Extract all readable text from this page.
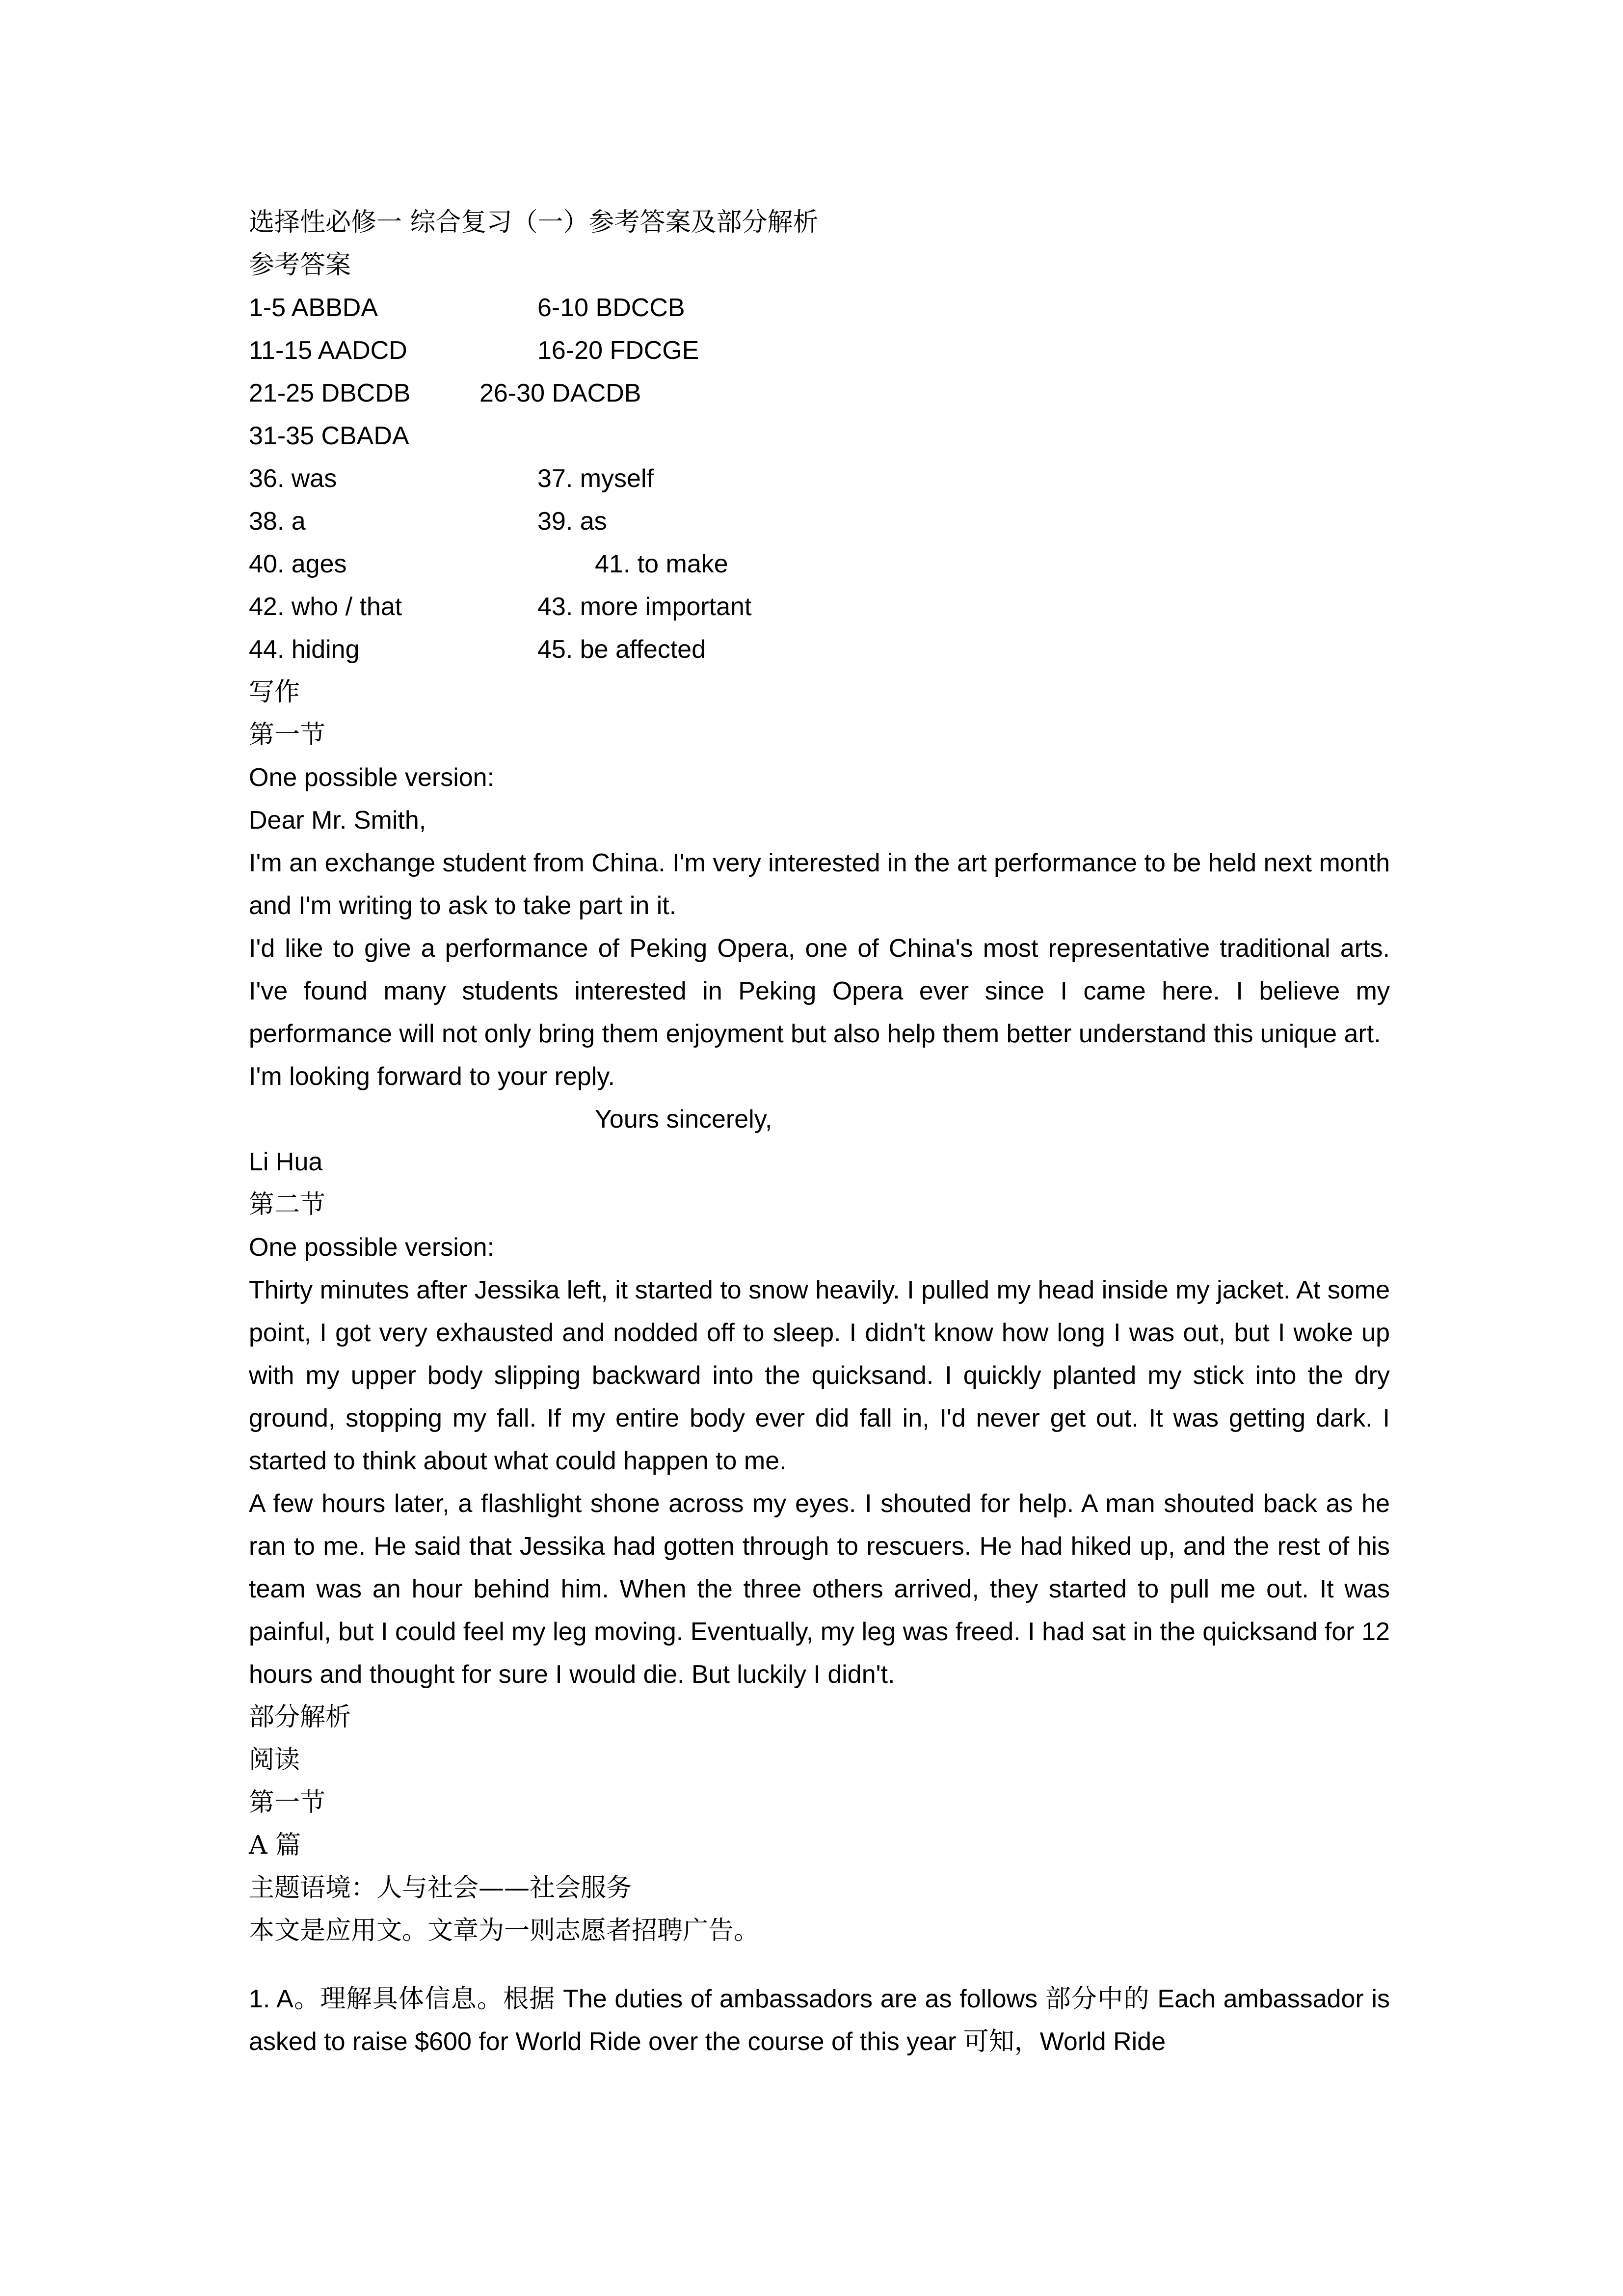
选择性必修一 综合复习（一）参考答案及部分解析
参考答案
1-5 ABBDA	6-10 BDCCB
11-15 AADCD	16-20 FDCGE
21-25 DBCDB	26-30 DACDB
31-35 CBADA
36. was	37. myself
38. a	39. as
40. ages	41. to make
42. who / that	43. more important
44. hiding	45. be affected
写作
第一节
One possible version:
Dear Mr. Smith,

I'm an exchange student from China. I'm very interested in the art performance to be held next month and I'm writing to ask to take part in it.

I'd like to give a performance of Peking Opera, one of China's most representative traditional arts. I've found many students interested in Peking Opera ever since I came here. I believe my performance will not only bring them enjoyment but also help them better understand this unique art.

I'm looking forward to your reply.
Yours sincerely,
Li Hua
第二节
One possible version:

Thirty minutes after Jessika left, it started to snow heavily. I pulled my head inside my jacket. At some point, I got very exhausted and nodded off to sleep. I didn't know how long I was out, but I woke up with my upper body slipping backward into the quicksand. I quickly planted my stick into the dry ground, stopping my fall. If my entire body ever did fall in, I'd never get out. It was getting dark. I started to think about what could happen to me.

A few hours later, a flashlight shone across my eyes. I shouted for help. A man shouted back as he ran to me. He said that Jessika had gotten through to rescuers. He had hiked up, and the rest of his team was an hour behind him. When the three others arrived, they started to pull me out. It was painful, but I could feel my leg moving. Eventually, my leg was freed. I had sat in the quicksand for 12 hours and thought for sure I would die. But luckily I didn't.

部分解析
阅读
第一节
A 篇
主题语境：人与社会——社会服务
本文是应用文。文章为一则志愿者招聘广告。

1. A。理解具体信息。根据 The duties of ambassadors are as follows 部分中的 Each ambassador is asked to raise $600 for World Ride over the course of this year 可知，World Ride
